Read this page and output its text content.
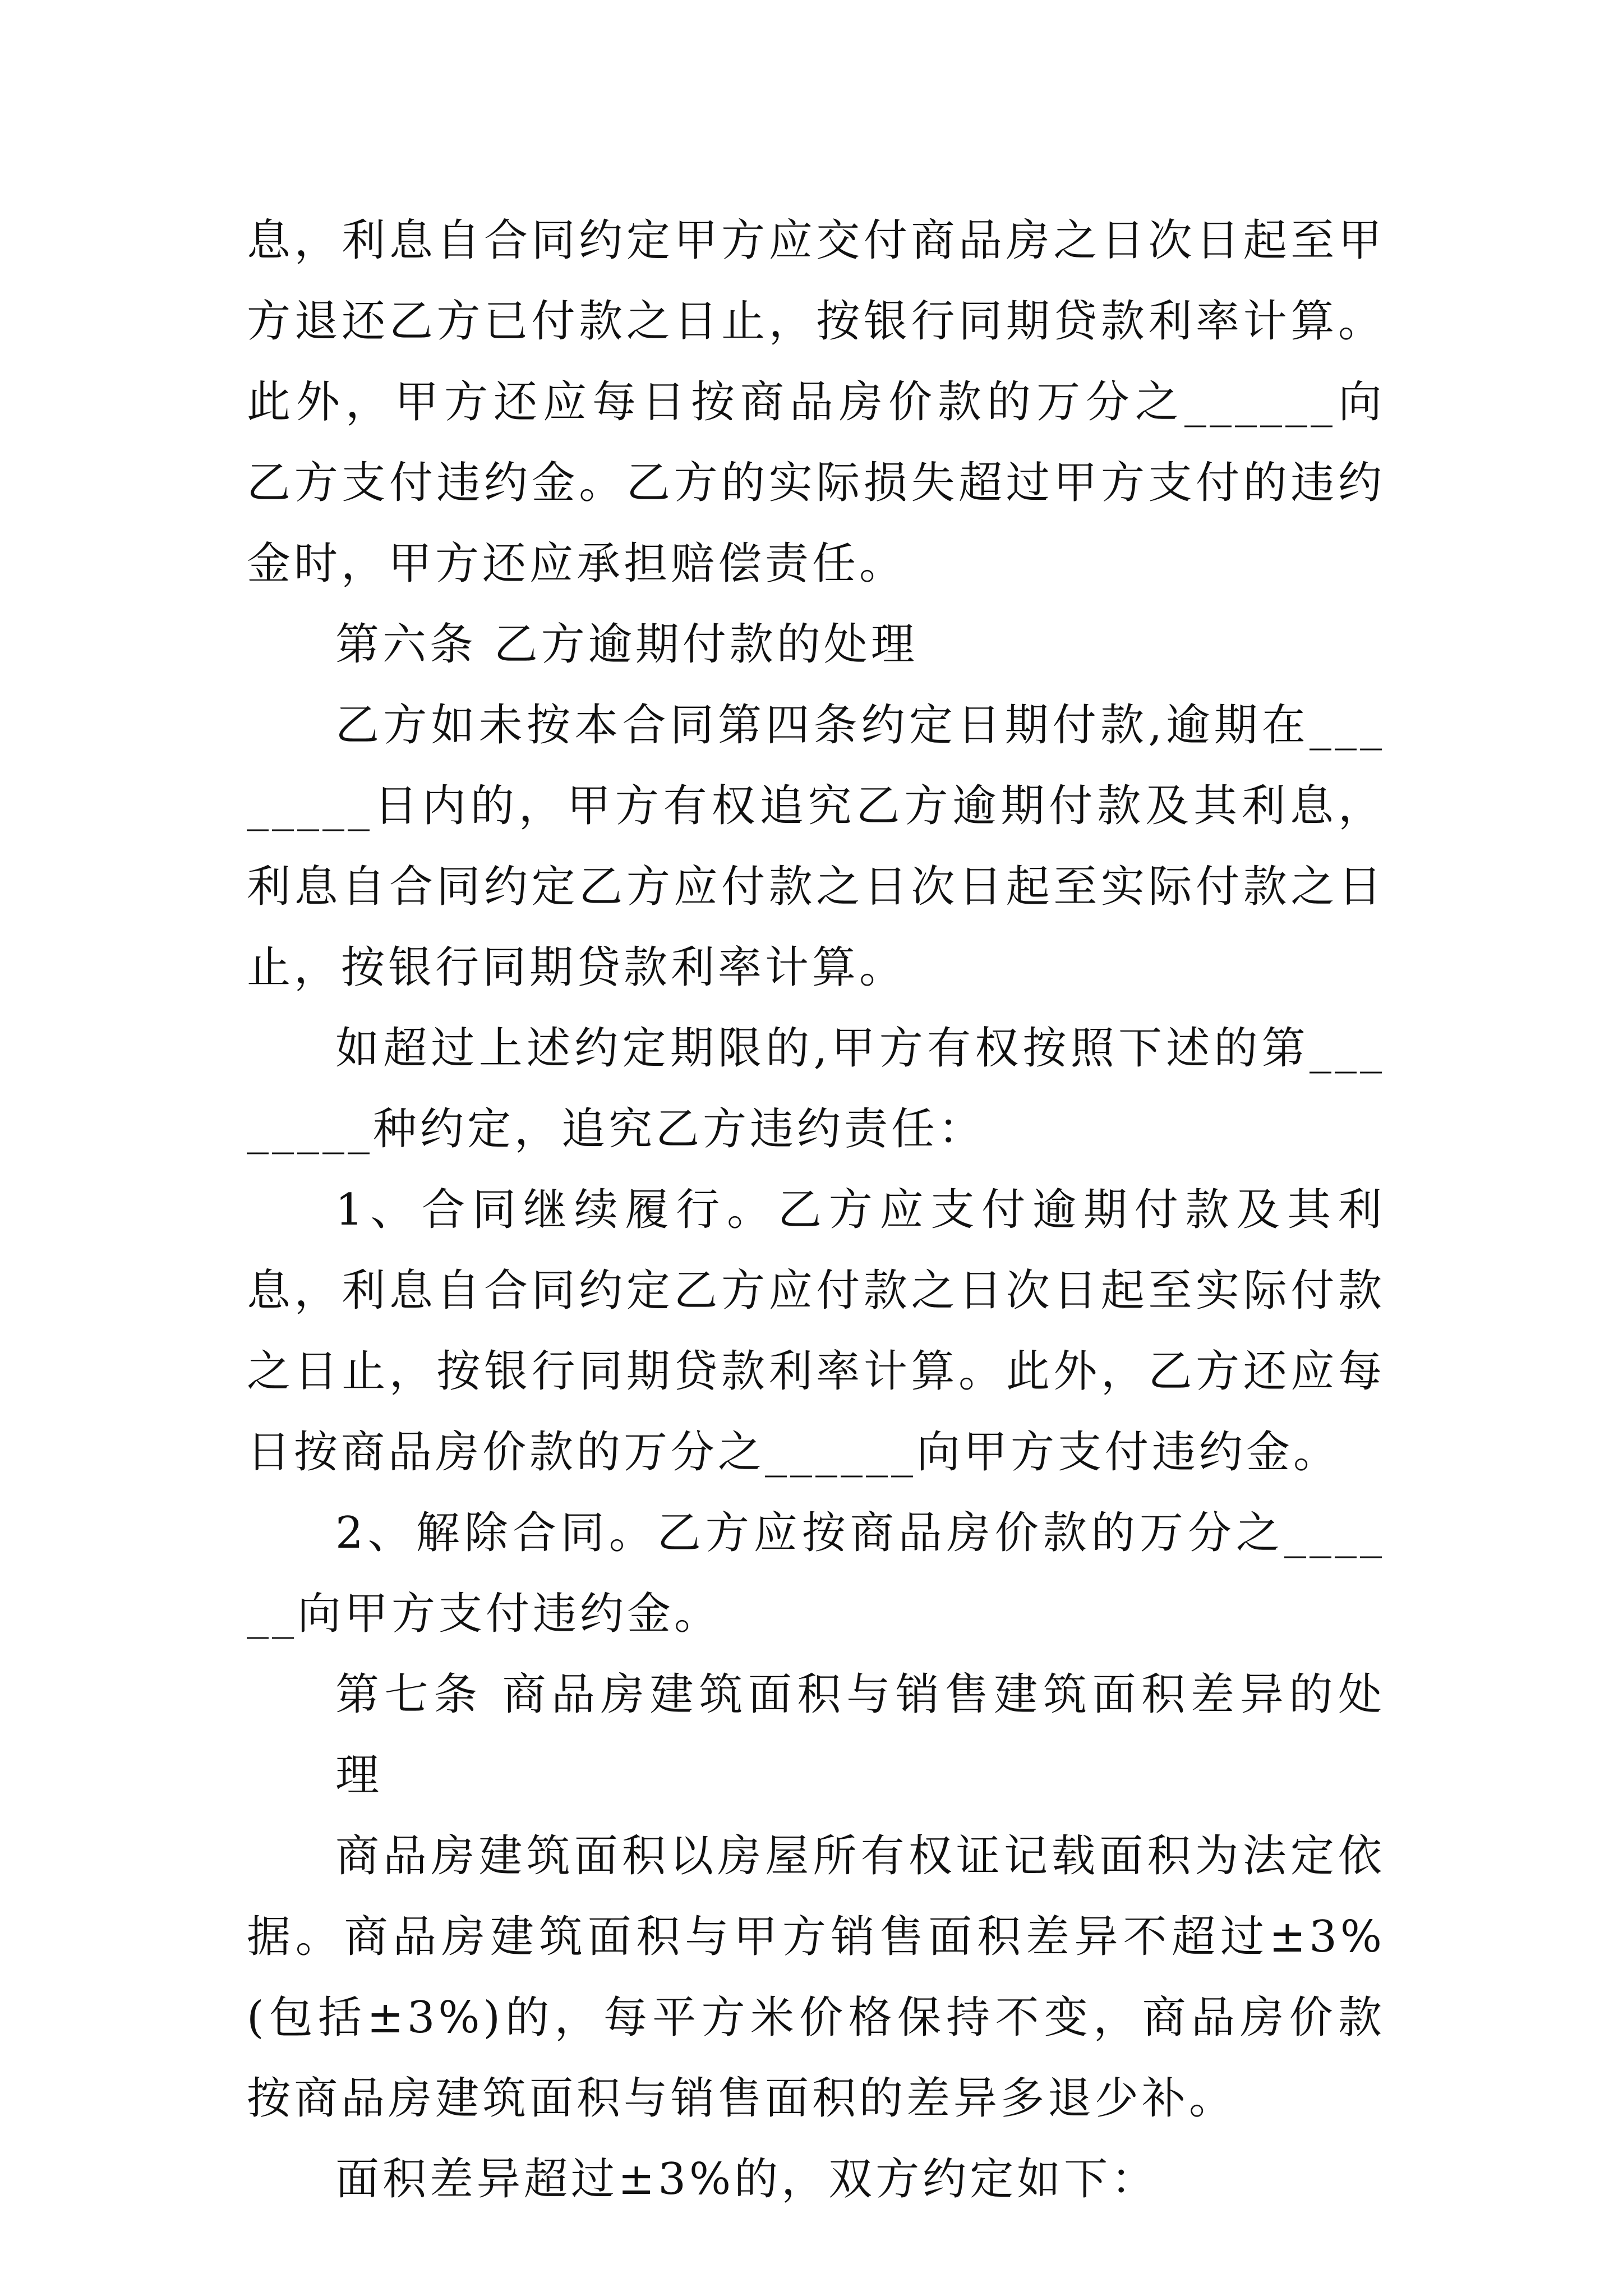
息，利息自合同约定甲方应交付商品房之日次日起至甲方退还乙方已付款之日止，按银行同期贷款利率计算。此外，甲方还应每日按商品房价款的万分之______向乙方支付违约金。乙方的实际损失超过甲方支付的违约金时，甲方还应承担赔偿责任。

第六条 乙方逾期付款的处理

乙方如未按本合同第四条约定日期付款,逾期在________日内的，甲方有权追究乙方逾期付款及其利息，利息自合同约定乙方应付款之日次日起至实际付款之日止，按银行同期贷款利率计算。

如超过上述约定期限的,甲方有权按照下述的第________种约定，追究乙方违约责任：

1、合同继续履行。乙方应支付逾期付款及其利息，利息自合同约定乙方应付款之日次日起至实际付款之日止，按银行同期贷款利率计算。此外，乙方还应每日按商品房价款的万分之______向甲方支付违约金。

2、解除合同。乙方应按商品房价款的万分之______向甲方支付违约金。

第七条 商品房建筑面积与销售建筑面积差异的处理

商品房建筑面积以房屋所有权证记载面积为法定依据。商品房建筑面积与甲方销售面积差异不超过±3%(包括±3%)的，每平方米价格保持不变，商品房价款按商品房建筑面积与销售面积的差异多退少补。

面积差异超过±3%的，双方约定如下：
